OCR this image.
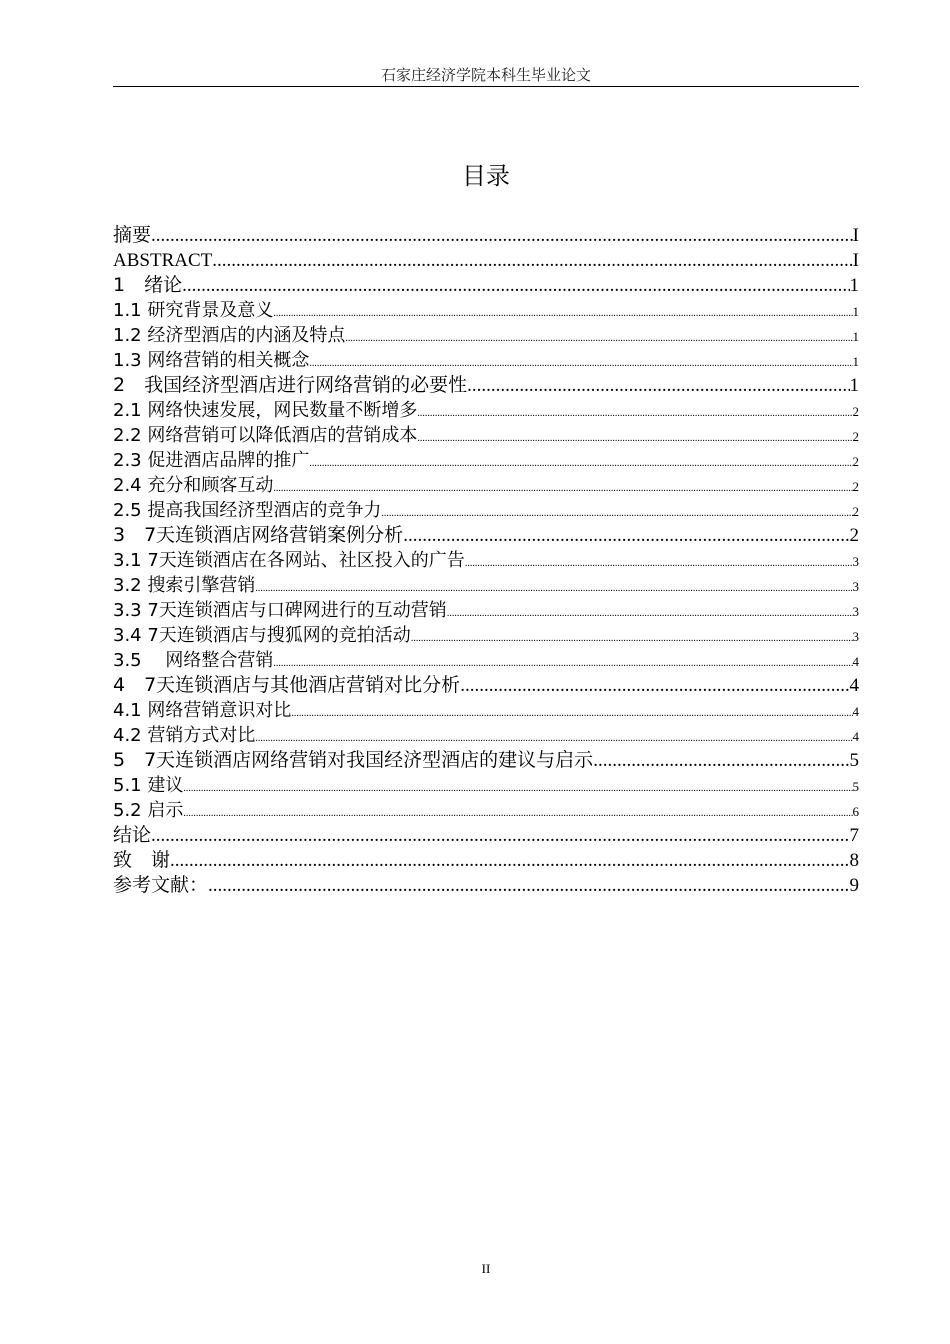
石家庄经济学院本科生毕业论文
目录
摘要 .....	I
ABSTRACT .....	I
1　绪论 .....	1
1.1 研究背景及意义 .....	1
1.2 经济型酒店的内涵及特点 .....	1
1.3 网络营销的相关概念 .....	1
2　我国经济型酒店进行网络营销的必要性 .....	1
2.1 网络快速发展，网民数量不断增多 .....	2
2.2 网络营销可以降低酒店的营销成本 .....	2
2.3 促进酒店品牌的推广 .....	2
2.4 充分和顾客互动 .....	2
2.5 提高我国经济型酒店的竞争力 .....	2
3　7天连锁酒店网络营销案例分析 .....	2
3.1 7天连锁酒店在各网站、社区投入的广告 .....	3
3.2 搜索引擎营销 .....	3
3.3 7天连锁酒店与口碑网进行的互动营销 .....	3
3.4 7天连锁酒店与搜狐网的竞拍活动 .....	3
3.5　 网络整合营销 .....	4
4　7天连锁酒店与其他酒店营销对比分析 .....	4
4.1 网络营销意识对比 .....	4
4.2 营销方式对比 .....	4
5　7天连锁酒店网络营销对我国经济型酒店的建议与启示 .....	5
5.1 建议 .....	5
5.2 启示 .....	6
结论 .....	7
致　谢 .....	8
参考文献： .....	9
II
